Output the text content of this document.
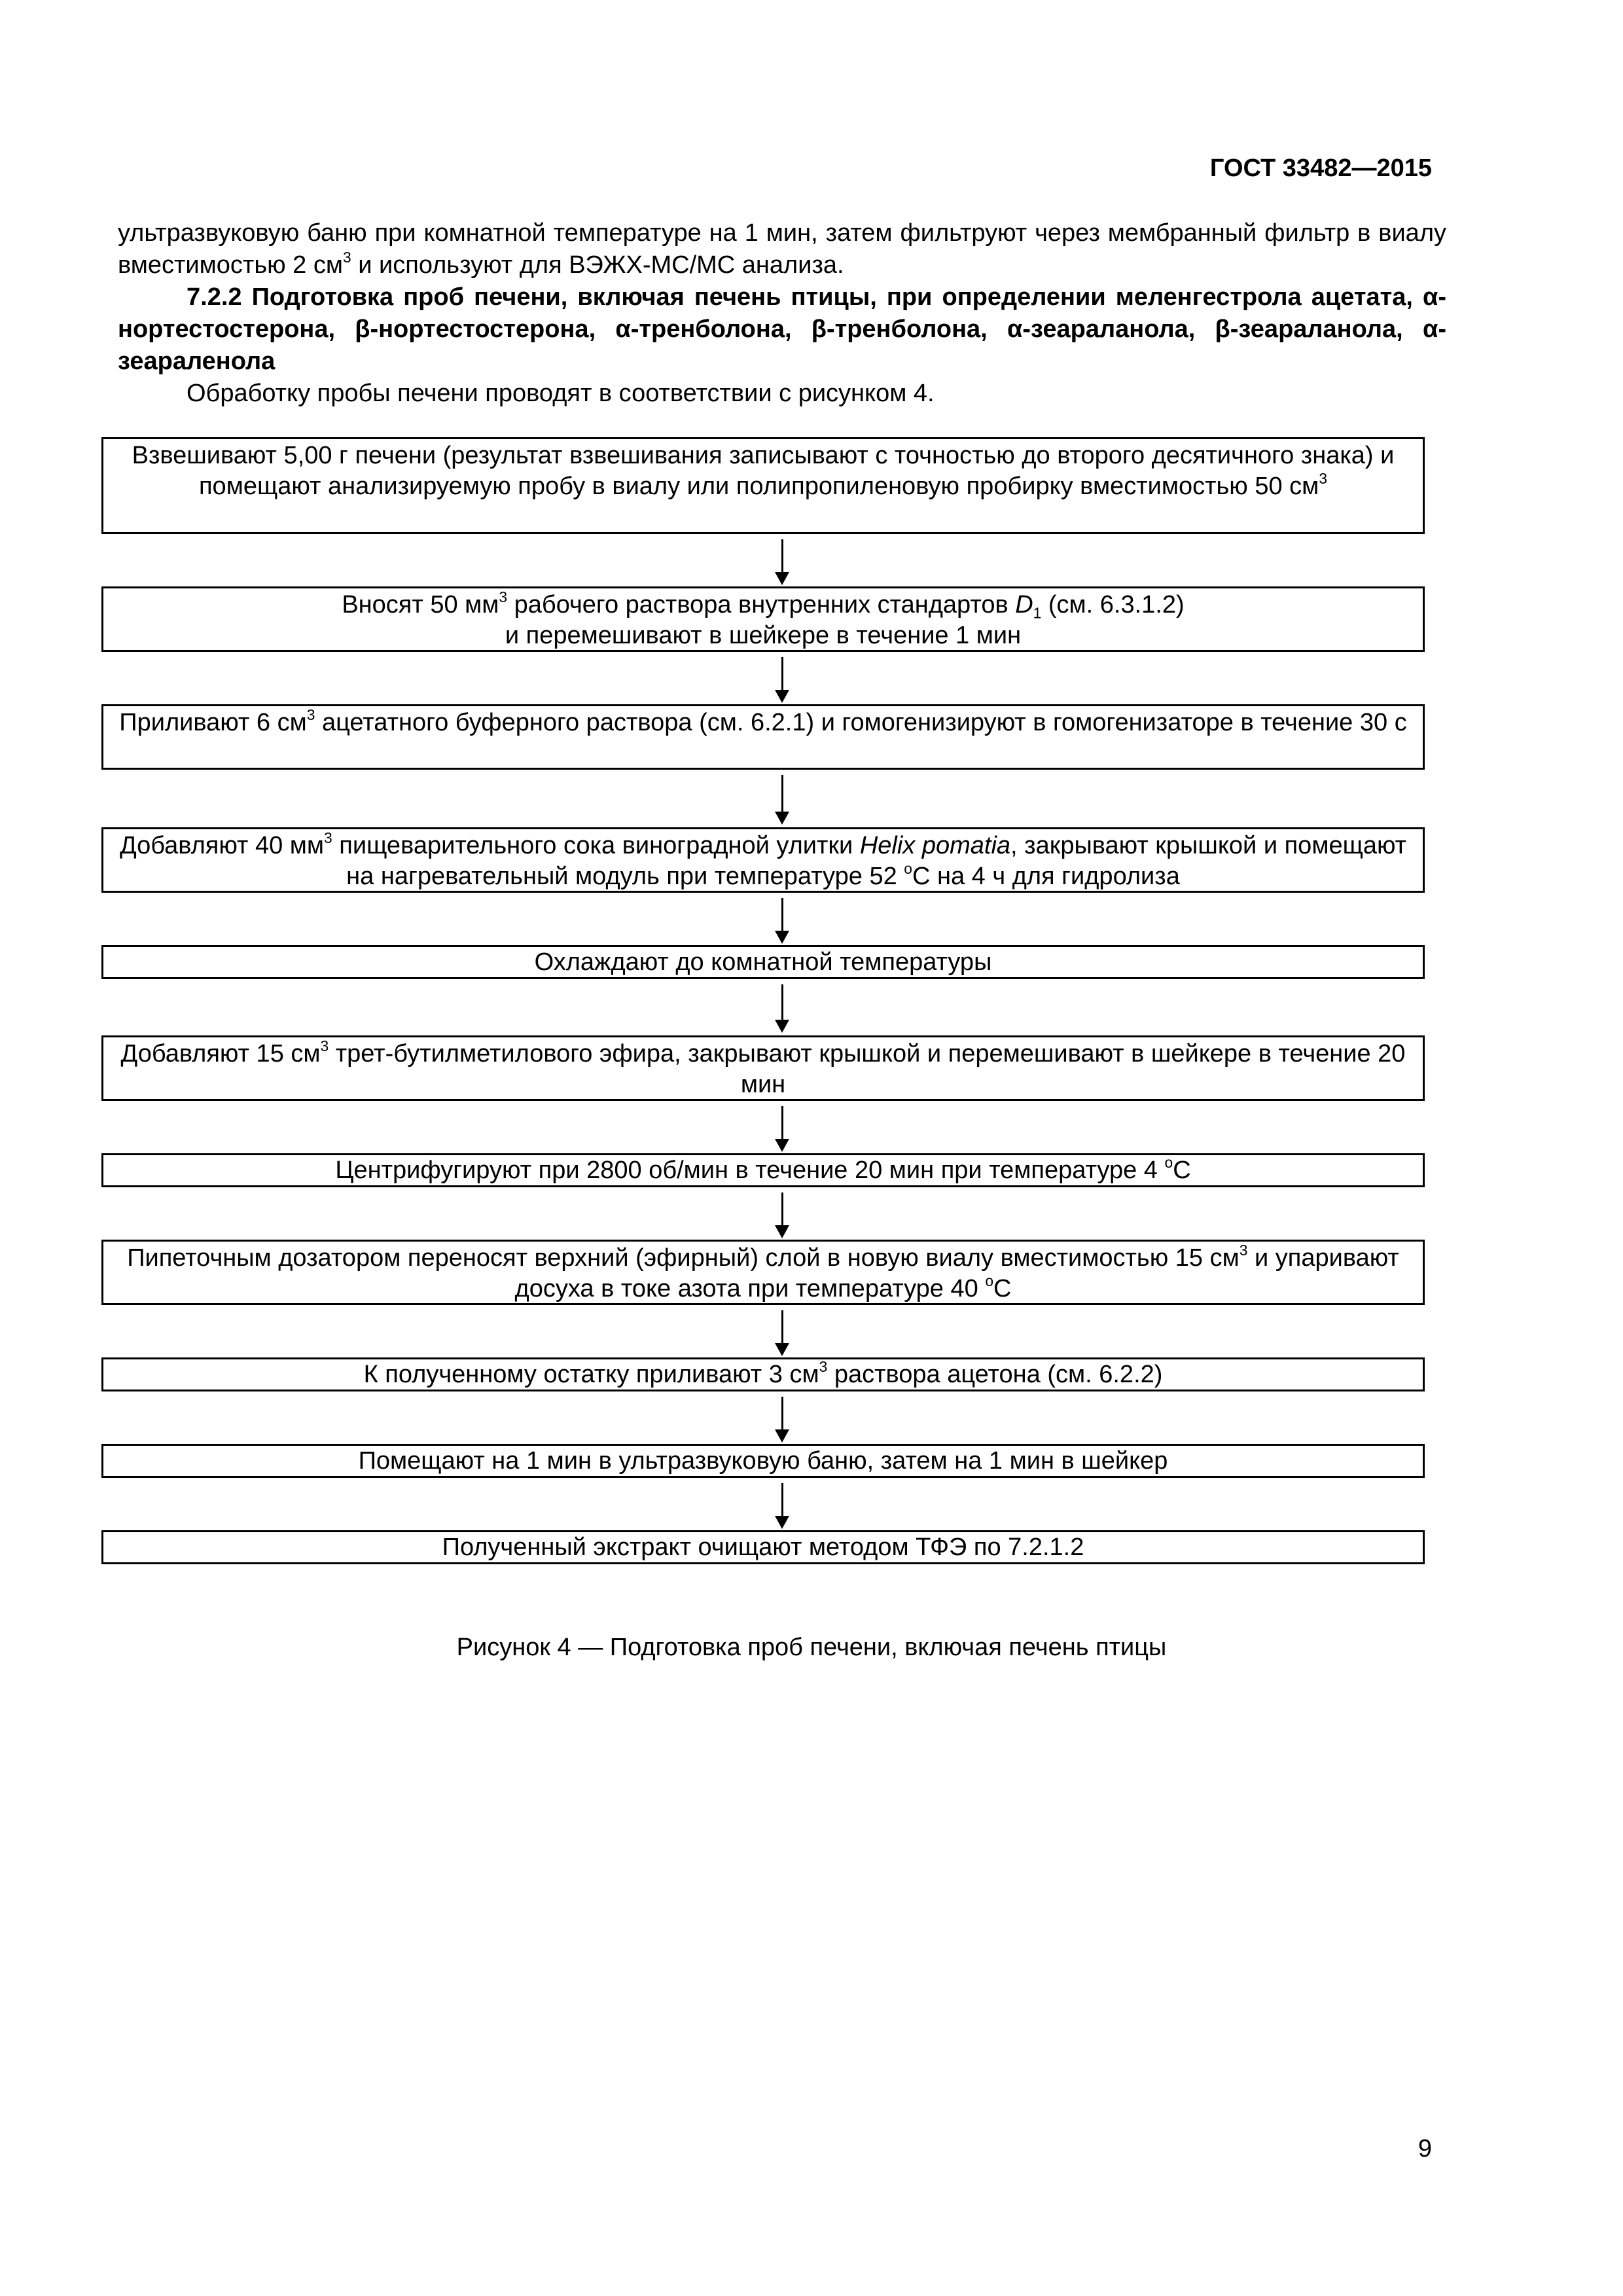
ГОСТ 33482—2015

ультразвуковую баню при комнатной температуре на 1 мин, затем фильтруют через мембранный фильтр в виалу вместимостью 2 $см^3$ и используют для ВЭЖХ-МС/МС анализа.

7.2.2 Подготовка проб печени, включая печень птицы, при определении меленгестрола ацетата, α-нортестостерона, β-нортестостерона, α-тренболона, β-тренболона, α-зеараланола, β-зеараланола, α-зеараленола

Обработку пробы печени проводят в соответствии с рисунком 4.

Взвешивают 5,00 г печени (результат взвешивания записывают с точностью до второго десятичного знака) и помещают анализируемую пробу в виалу или полипропиленовую пробирку вместимостью 50 $см^3$
Вносят 50 $мм^3$ рабочего раствора внутренних стандартов $D_1$ (см. 6.3.1.2)
и перемешивают в шейкере в течение 1 мин
Приливают 6 $см^3$ ацетатного буферного раствора (см. 6.2.1) и гомогенизируют в гомогенизаторе в течение 30 с
Добавляют 40 $мм^3$ пищеварительного сока виноградной улитки Helix pomatia, закрывают крышкой и помещают на нагревательный модуль при температуре 52 $^о$С на 4 ч для гидролиза
Охлаждают до комнатной температуры
Добавляют 15 $см^3$ трет-бутилметилового эфира, закрывают крышкой и перемешивают в шейкере в течение 20 мин
Центрифугируют при 2800 об/мин в течение 20 мин при температуре 4 $^о$С
Пипеточным дозатором переносят верхний (эфирный) слой в новую виалу вместимостью 15 $см^3$ и упаривают досуха в токе азота при температуре 40 $^о$С
К полученному остатку приливают 3 $см^3$ раствора ацетона (см. 6.2.2)
Помещают на 1 мин в ультразвуковую баню, затем на 1 мин в шейкер
Полученный экстракт очищают методом ТФЭ по 7.2.1.2
Рисунок 4 — Подготовка проб печени, включая печень птицы
9
